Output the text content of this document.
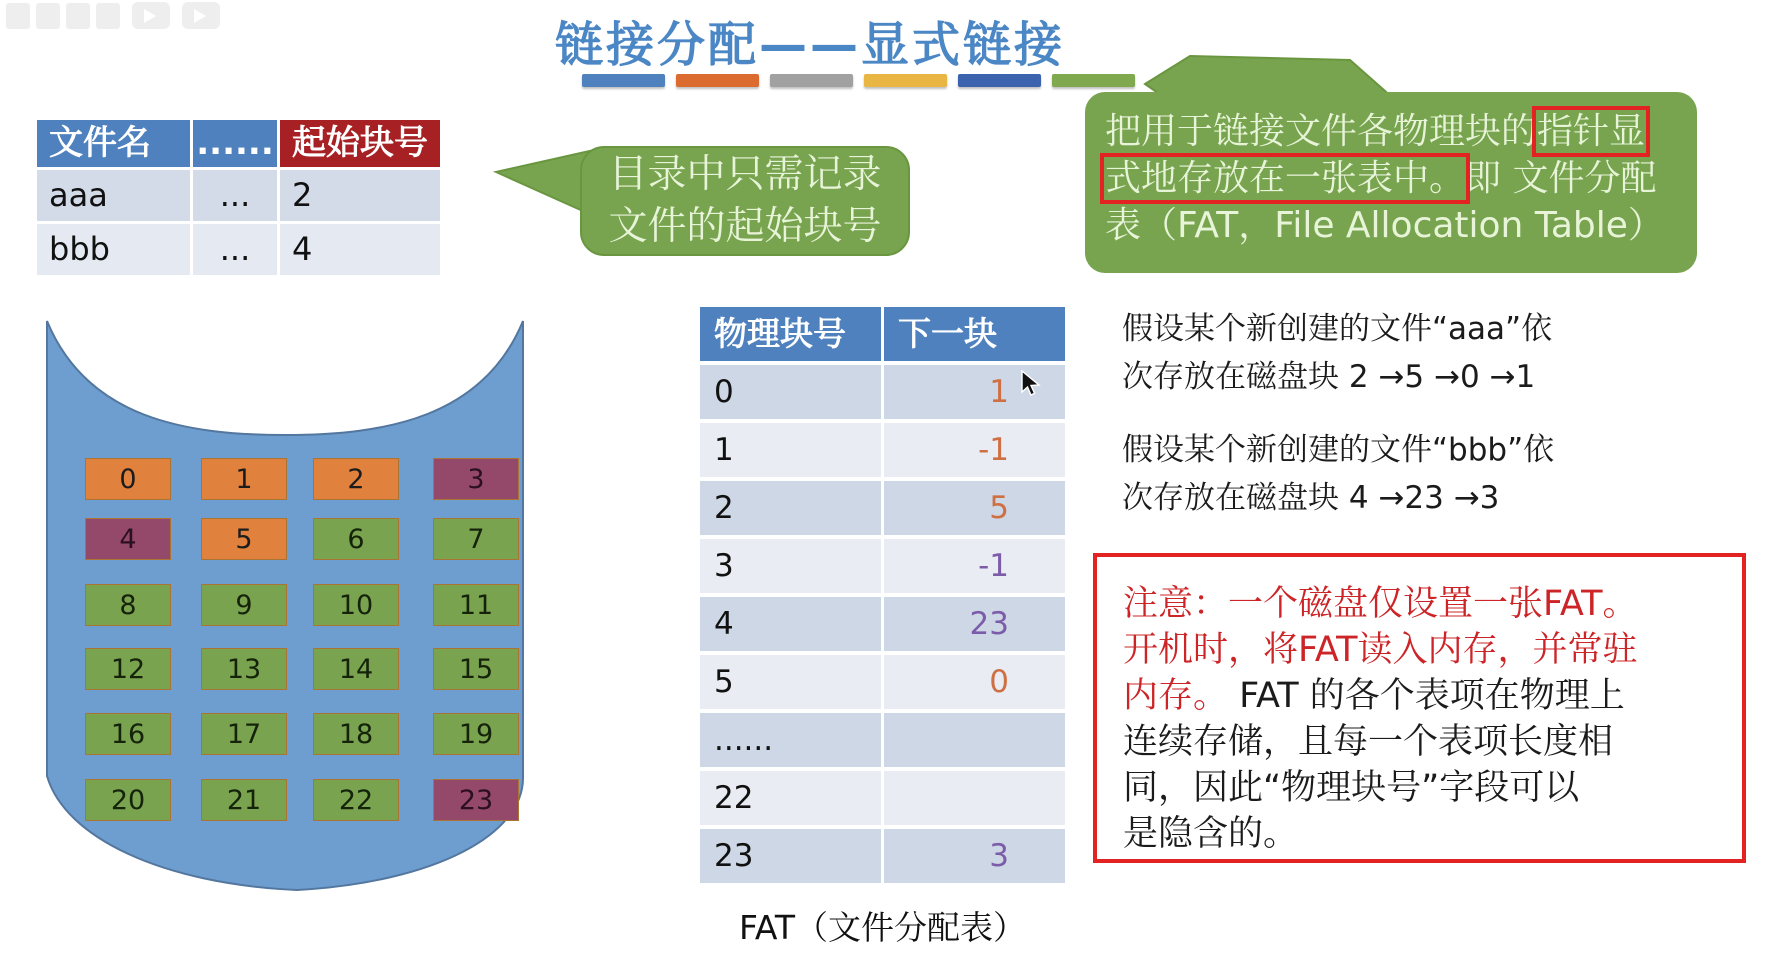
链接分配——显式链接
文件名	...... 起始块号
aaa	...	2
bbb	...	4
目录中只需记录
文件的起始块号
把用于链接文件各物理块的指针显
式地存放在一张表中。即 文件分配
表（FAT，File Allocation Table）
物理块号	下一块
0	1
1	-1
2	5
3	-1
4	23
5	0
......
22
23	3
FAT（文件分配表）
假设某个新创建的文件“aaa”依
次存放在磁盘块 2 →5 →0 →1
假设某个新创建的文件“bbb”依
次存放在磁盘块 4 →23 →3
注意：一个磁盘仅设置一张FAT。
开机时，将FAT读入内存，并常驻
内存。 FAT 的各个表项在物理上
连续存储，且每一个表项长度相
同，因此“物理块号”字段可以
是隐含的。
0	1	2	3
4	5	6	7
8	9	10	11
12	13	14	15
16	17	18	19
20	21	22	23
